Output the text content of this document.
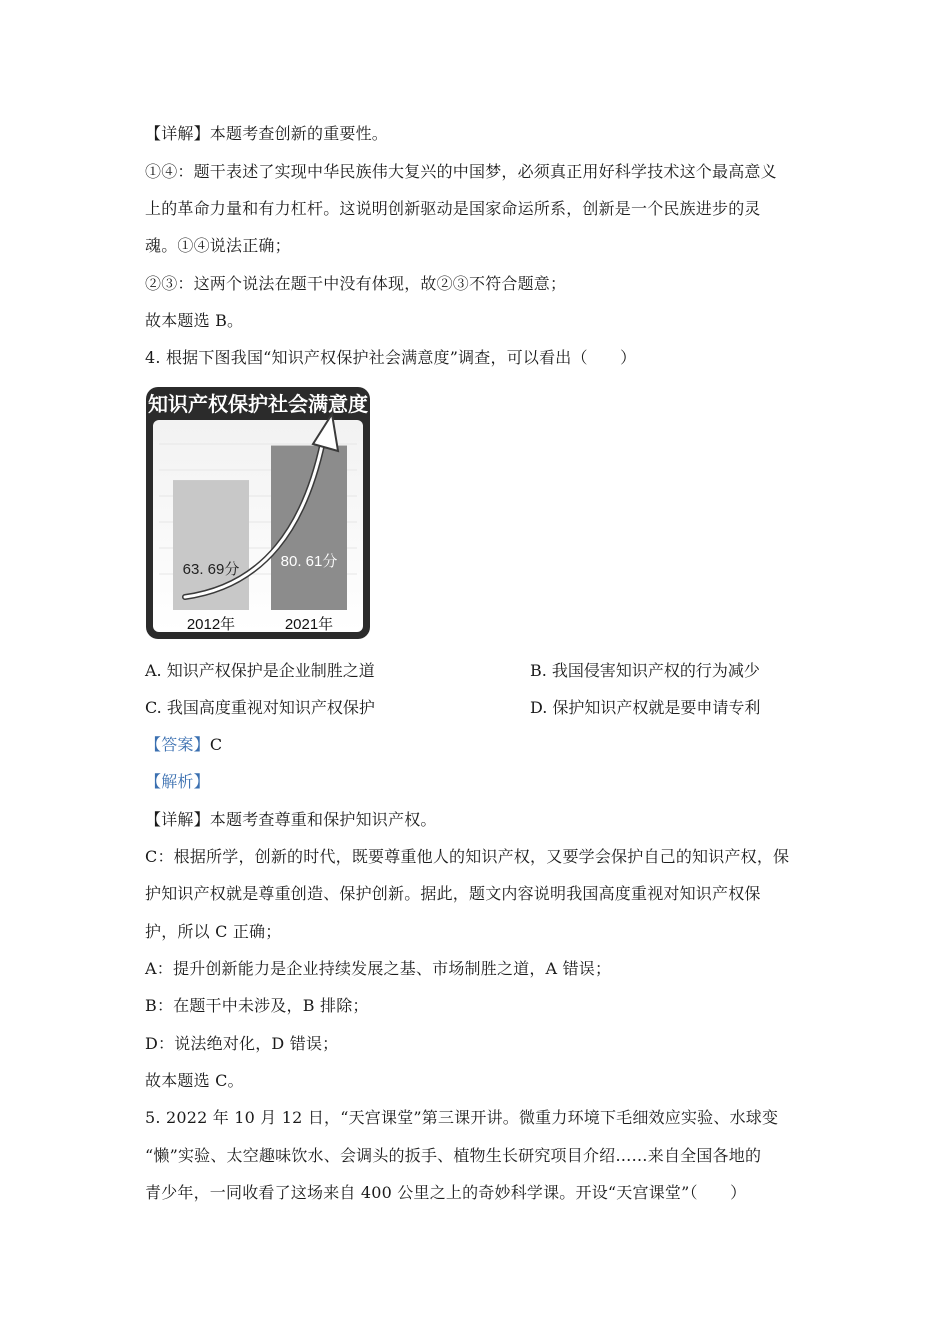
【详解】本题考查创新的重要性。
①④：题干表述了实现中华民族伟大复兴的中国梦，必须真正用好科学技术这个最高意义
上的革命力量和有力杠杆。这说明创新驱动是国家命运所系，创新是一个民族进步的灵
魂。①④说法正确；
②③：这两个说法在题干中没有体现，故②③不符合题意；
故本题选 B。
4. 根据下图我国“知识产权保护社会满意度”调查，可以看出（　　）
知识产权保护社会满意度
63. 69分
2012年
80. 61分
2021年
A. 知识产权保护是企业制胜之道	B. 我国侵害知识产权的行为减少
C. 我国高度重视对知识产权保护	D. 保护知识产权就是要申请专利
【答案】C
【解析】
【详解】本题考查尊重和保护知识产权。
C：根据所学，创新的时代，既要尊重他人的知识产权，又要学会保护自己的知识产权，保
护知识产权就是尊重创造、保护创新。据此，题文内容说明我国高度重视对知识产权保
护，所以 C 正确；
A：提升创新能力是企业持续发展之基、市场制胜之道，A 错误；
B：在题干中未涉及，B 排除；
D：说法绝对化，D 错误；
故本题选 C。
5. 2022 年 10 月 12 日，“天宫课堂”第三课开讲。微重力环境下毛细效应实验、水球变
“懒”实验、太空趣味饮水、会调头的扳手、植物生长研究项目介绍……来自全国各地的
青少年，一同收看了这场来自 400 公里之上的奇妙科学课。开设“天宫课堂”（　　）
